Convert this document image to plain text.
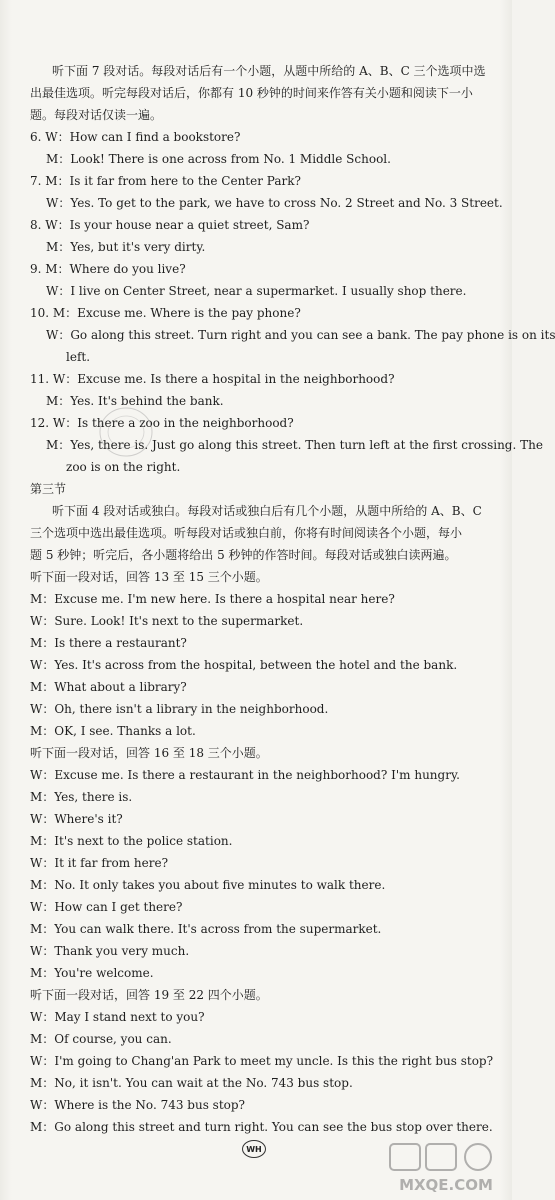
听下面 7 段对话。每段对话后有一个小题，从题中所给的 A、B、C 三个选项中选
出最佳选项。听完每段对话后，你都有 10 秒钟的时间来作答有关小题和阅读下一小
题。每段对话仅读一遍。
6. W：How can I find a bookstore?
M：Look! There is one across from No. 1 Middle School.
7. M：Is it far from here to the Center Park?
W：Yes. To get to the park, we have to cross No. 2 Street and No. 3 Street.
8. W：Is your house near a quiet street, Sam?
M：Yes, but it's very dirty.
9. M：Where do you live?
W：I live on Center Street, near a supermarket. I usually shop there.
10. M：Excuse me. Where is the pay phone?
W：Go along this street. Turn right and you can see a bank. The pay phone is on its
left.
11. W：Excuse me. Is there a hospital in the neighborhood?
M：Yes. It's behind the bank.
12. W：Is there a zoo in the neighborhood?
M：Yes, there is. Just go along this street. Then turn left at the first crossing. The
zoo is on the right.
第三节
听下面 4 段对话或独白。每段对话或独白后有几个小题，从题中所给的 A、B、C
三个选项中选出最佳选项。听每段对话或独白前，你将有时间阅读各个小题，每小
题 5 秒钟；听完后，各小题将给出 5 秒钟的作答时间。每段对话或独白读两遍。
听下面一段对话，回答 13 至 15 三个小题。
M：Excuse me. I'm new here. Is there a hospital near here?
W：Sure. Look! It's next to the supermarket.
M：Is there a restaurant?
W：Yes. It's across from the hospital, between the hotel and the bank.
M：What about a library?
W：Oh, there isn't a library in the neighborhood.
M：OK, I see. Thanks a lot.
听下面一段对话，回答 16 至 18 三个小题。
W：Excuse me. Is there a restaurant in the neighborhood? I'm hungry.
M：Yes, there is.
W：Where's it?
M：It's next to the police station.
W：It it far from here?
M：No. It only takes you about five minutes to walk there.
W：How can I get there?
M：You can walk there. It's across from the supermarket.
W：Thank you very much.
M：You're welcome.
听下面一段对话，回答 19 至 22 四个小题。
W：May I stand next to you?
M：Of course, you can.
W：I'm going to Chang'an Park to meet my uncle. Is this the right bus stop?
M：No, it isn't. You can wait at the No. 743 bus stop.
W：Where is the No. 743 bus stop?
M：Go along this street and turn right. You can see the bus stop over there.
WH
MXQE.COM
